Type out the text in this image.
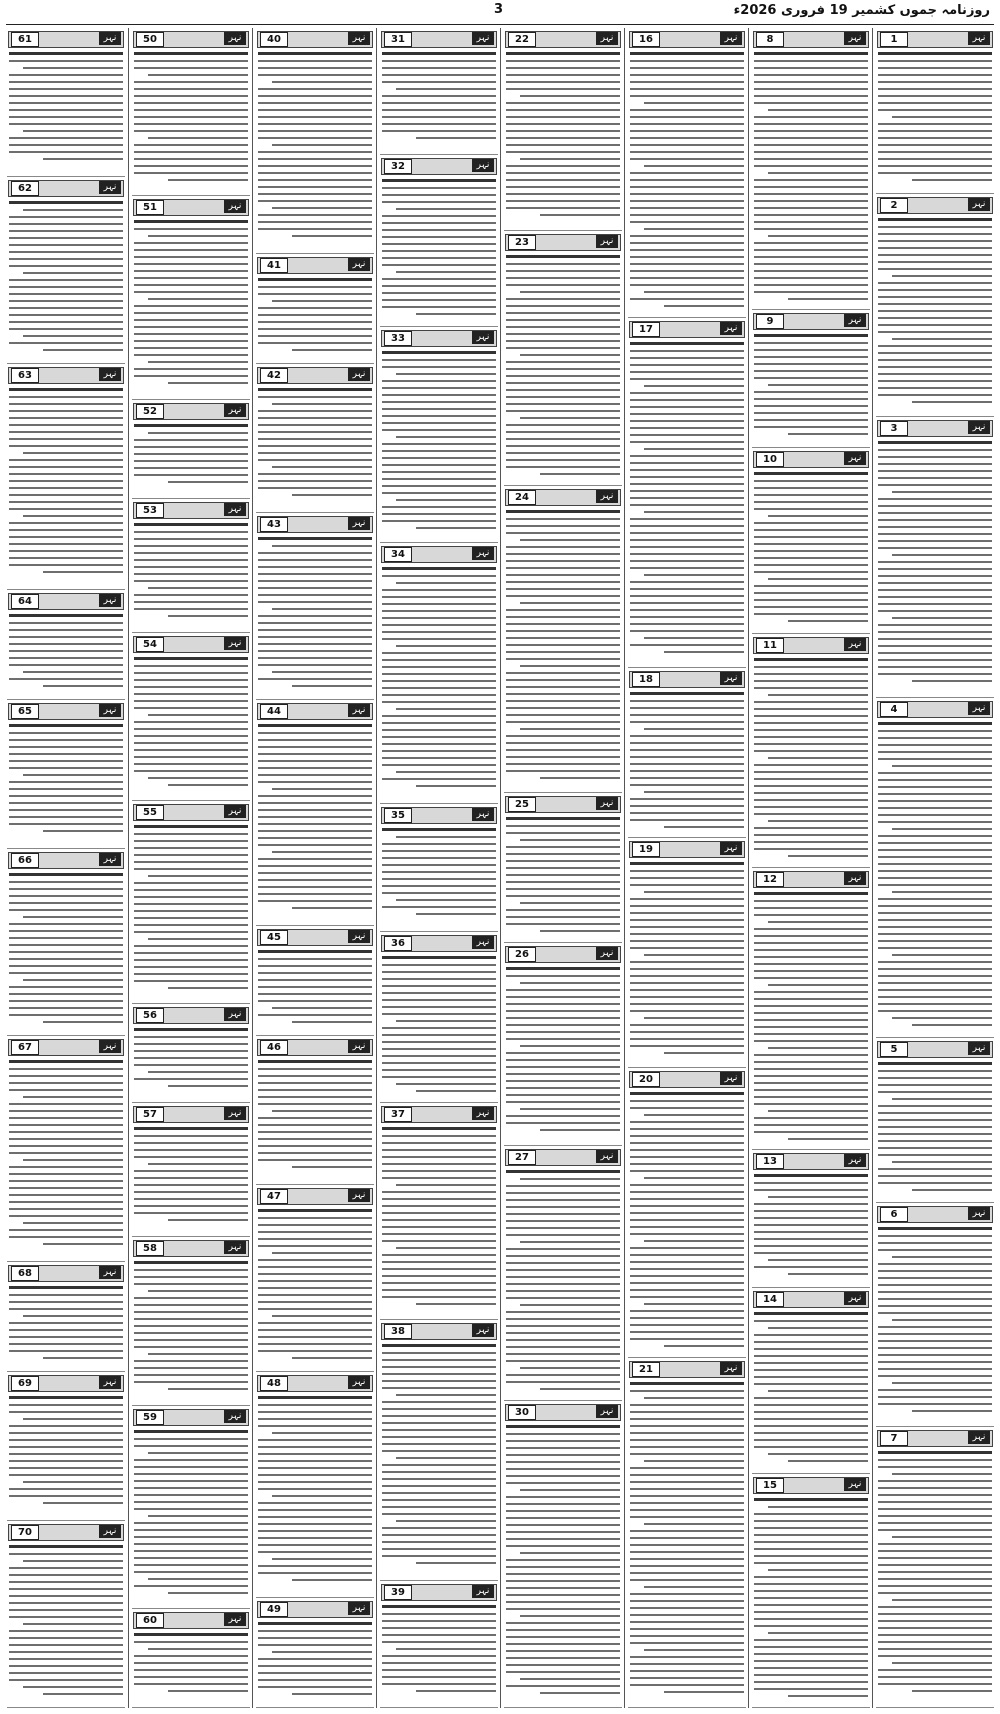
3	روزنامہ جموں کشمیر 19 فروری 2026ء
1	نہر
2	نہر
3	نہر
4	نہر
5	نہر
6	نہر
7	نہر
8	نہر
9	نہر
10	نہر
11	نہر
12	نہر
13	نہر
14	نہر
15	نہر
16	نہر
17	نہر
18	نہر
19	نہر
20	نہر
21	نہر
22	نہر
23	نہر
24	نہر
25	نہر
26	نہر
27	نہر
30	نہر
31	نہر
32	نہر
33	نہر
34	نہر
35	نہر
36	نہر
37	نہر
38	نہر
39	نہر
40	نہر
41	نہر
42	نہر
43	نہر
44	نہر
45	نہر
46	نہر
47	نہر
48	نہر
49	نہر
50	نہر
51	نہر
52	نہر
53	نہر
54	نہر
55	نہر
56	نہر
57	نہر
58	نہر
59	نہر
60	نہر
61	نہر
62	نہر
63	نہر
64	نہر
65	نہر
66	نہر
67	نہر
68	نہر
69	نہر
70	نہر
